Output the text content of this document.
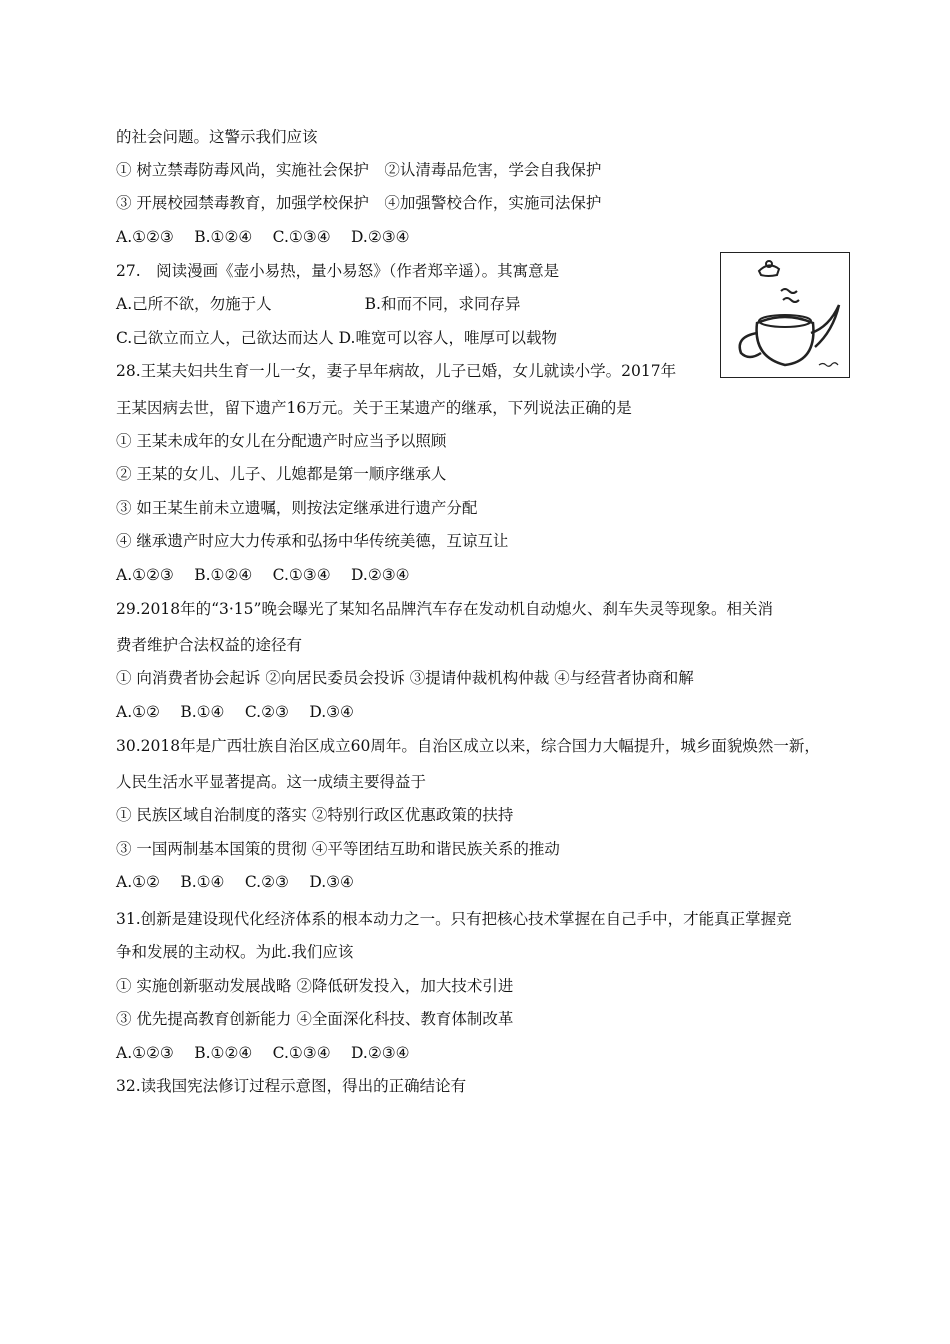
的社会问题。这警示我们应该
① 树立禁毒防毒风尚，实施社会保护　②认清毒品危害，学会自我保护
③ 开展校园禁毒教育，加强学校保护　④加强警校合作，实施司法保护
A.①②③　 B.①②④　 C.①③④　 D.②③④
27.　阅读漫画《壶小易热，量小易怒》（作者郑辛遥）。其寓意是
A.己所不欲，勿施于人　　　　　　B.和而不同，求同存异
C.己欲立而立人，己欲达而达人 D.唯宽可以容人，唯厚可以载物
28.王某夫妇共生育一儿一女，妻子早年病故，儿子已婚，女儿就读小学。2017年
王某因病去世，留下遗产16万元。关于王某遗产的继承，下列说法正确的是
① 王某未成年的女儿在分配遗产时应当予以照顾
② 王某的女儿、儿子、儿媳都是第一顺序继承人
③ 如王某生前未立遗嘱，则按法定继承进行遗产分配
④ 继承遗产时应大力传承和弘扬中华传统美德，互谅互让
A.①②③　 B.①②④　 C.①③④　 D.②③④
29.2018年的“3·15”晚会曝光了某知名品牌汽车存在发动机自动熄火、刹车失灵等现象。相关消
费者维护合法权益的途径有
① 向消费者协会起诉 ②向居民委员会投诉 ③提请仲裁机构仲裁 ④与经营者协商和解
A.①②　 B.①④　 C.②③　 D.③④
30.2018年是广西壮族自治区成立60周年。自治区成立以来，综合国力大幅提升，城乡面貌焕然一新，
人民生活水平显著提高。这一成绩主要得益于
① 民族区域自治制度的落实 ②特别行政区优惠政策的扶持
③ 一国两制基本国策的贯彻 ④平等团结互助和谐民族关系的推动
A.①②　 B.①④　 C.②③　 D.③④
31.创新是建设现代化经济体系的根本动力之一。只有把核心技术掌握在自己手中，才能真正掌握竞
争和发展的主动权。为此.我们应该
① 实施创新驱动发展战略 ②降低研发投入，加大技术引进
③ 优先提高教育创新能力 ④全面深化科技、教育体制改革
A.①②③　 B.①②④　 C.①③④　 D.②③④
32.读我国宪法修订过程示意图，得出的正确结论有
